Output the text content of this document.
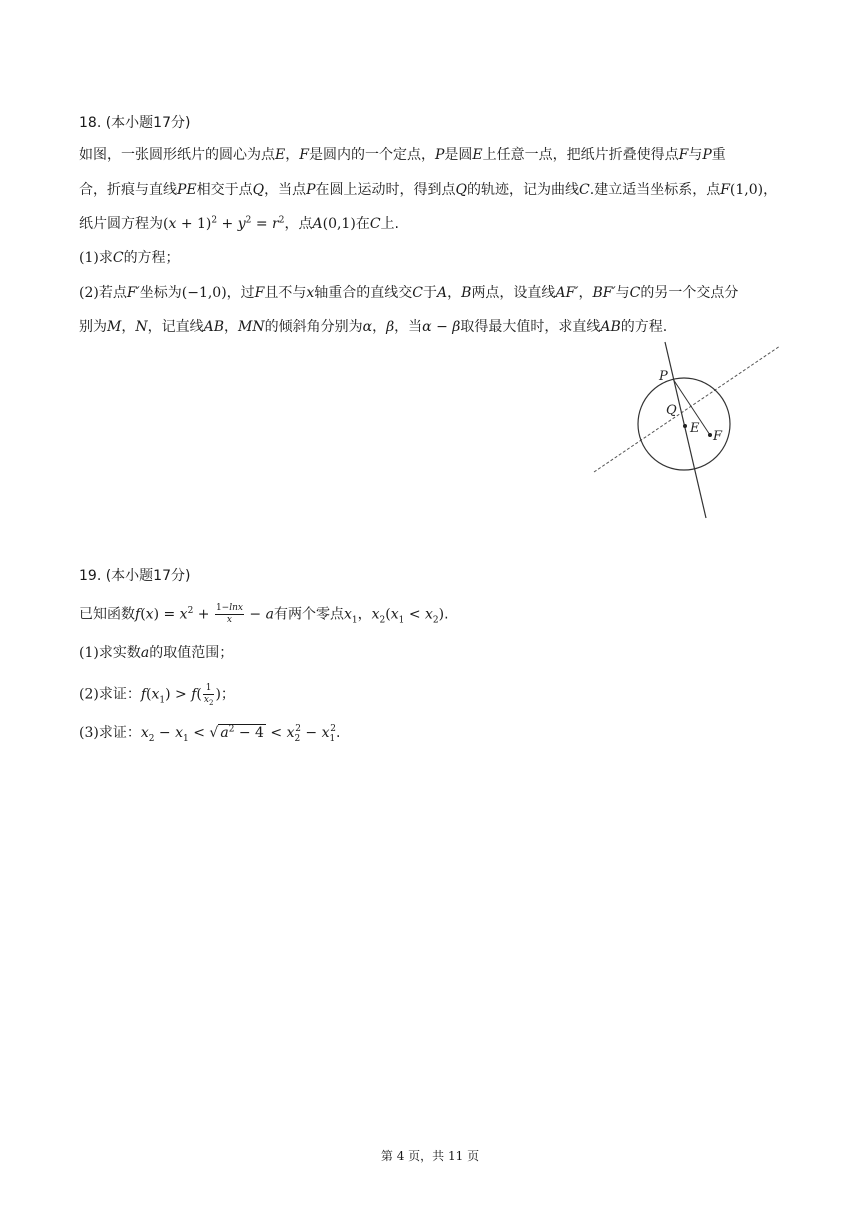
18. (本小题17分)
如图，一张圆形纸片的圆心为点E，F是圆内的一个定点，P是圆E上任意一点，把纸片折叠使得点F与P重
合，折痕与直线PE相交于点Q，当点P在圆上运动时，得到点Q的轨迹，记为曲线C.建立适当坐标系，点F(1,0)，
纸片圆方程为$(x + 1)^2 + y^2 = r^2$，点A(0,1)在C上.
(1)求C的方程；
(2)若点F′坐标为(−1,0)，过F且不与x轴重合的直线交C于A，B两点，设直线AF′，BF′与C的另一个交点分
别为M，N，记直线AB，MN的倾斜角分别为α，β，当α − β取得最大值时，求直线AB的方程.
P
Q
E
F
19. (本小题17分)
已知函数$f(x) = x^2 + \frac{1-\ln x}{x} - a$有两个零点$x_1$，$x_2(x_1 < x_2)$.
(1)求实数a的取值范围；
(2)求证：$f(x_1) > f( \frac{1}{x_2}$ )；
(3)求证：$x_2 - x_1$ < √ $a^2 - 4 < x_2^2 - x_1^2$.
第 4 页，共 11 页
